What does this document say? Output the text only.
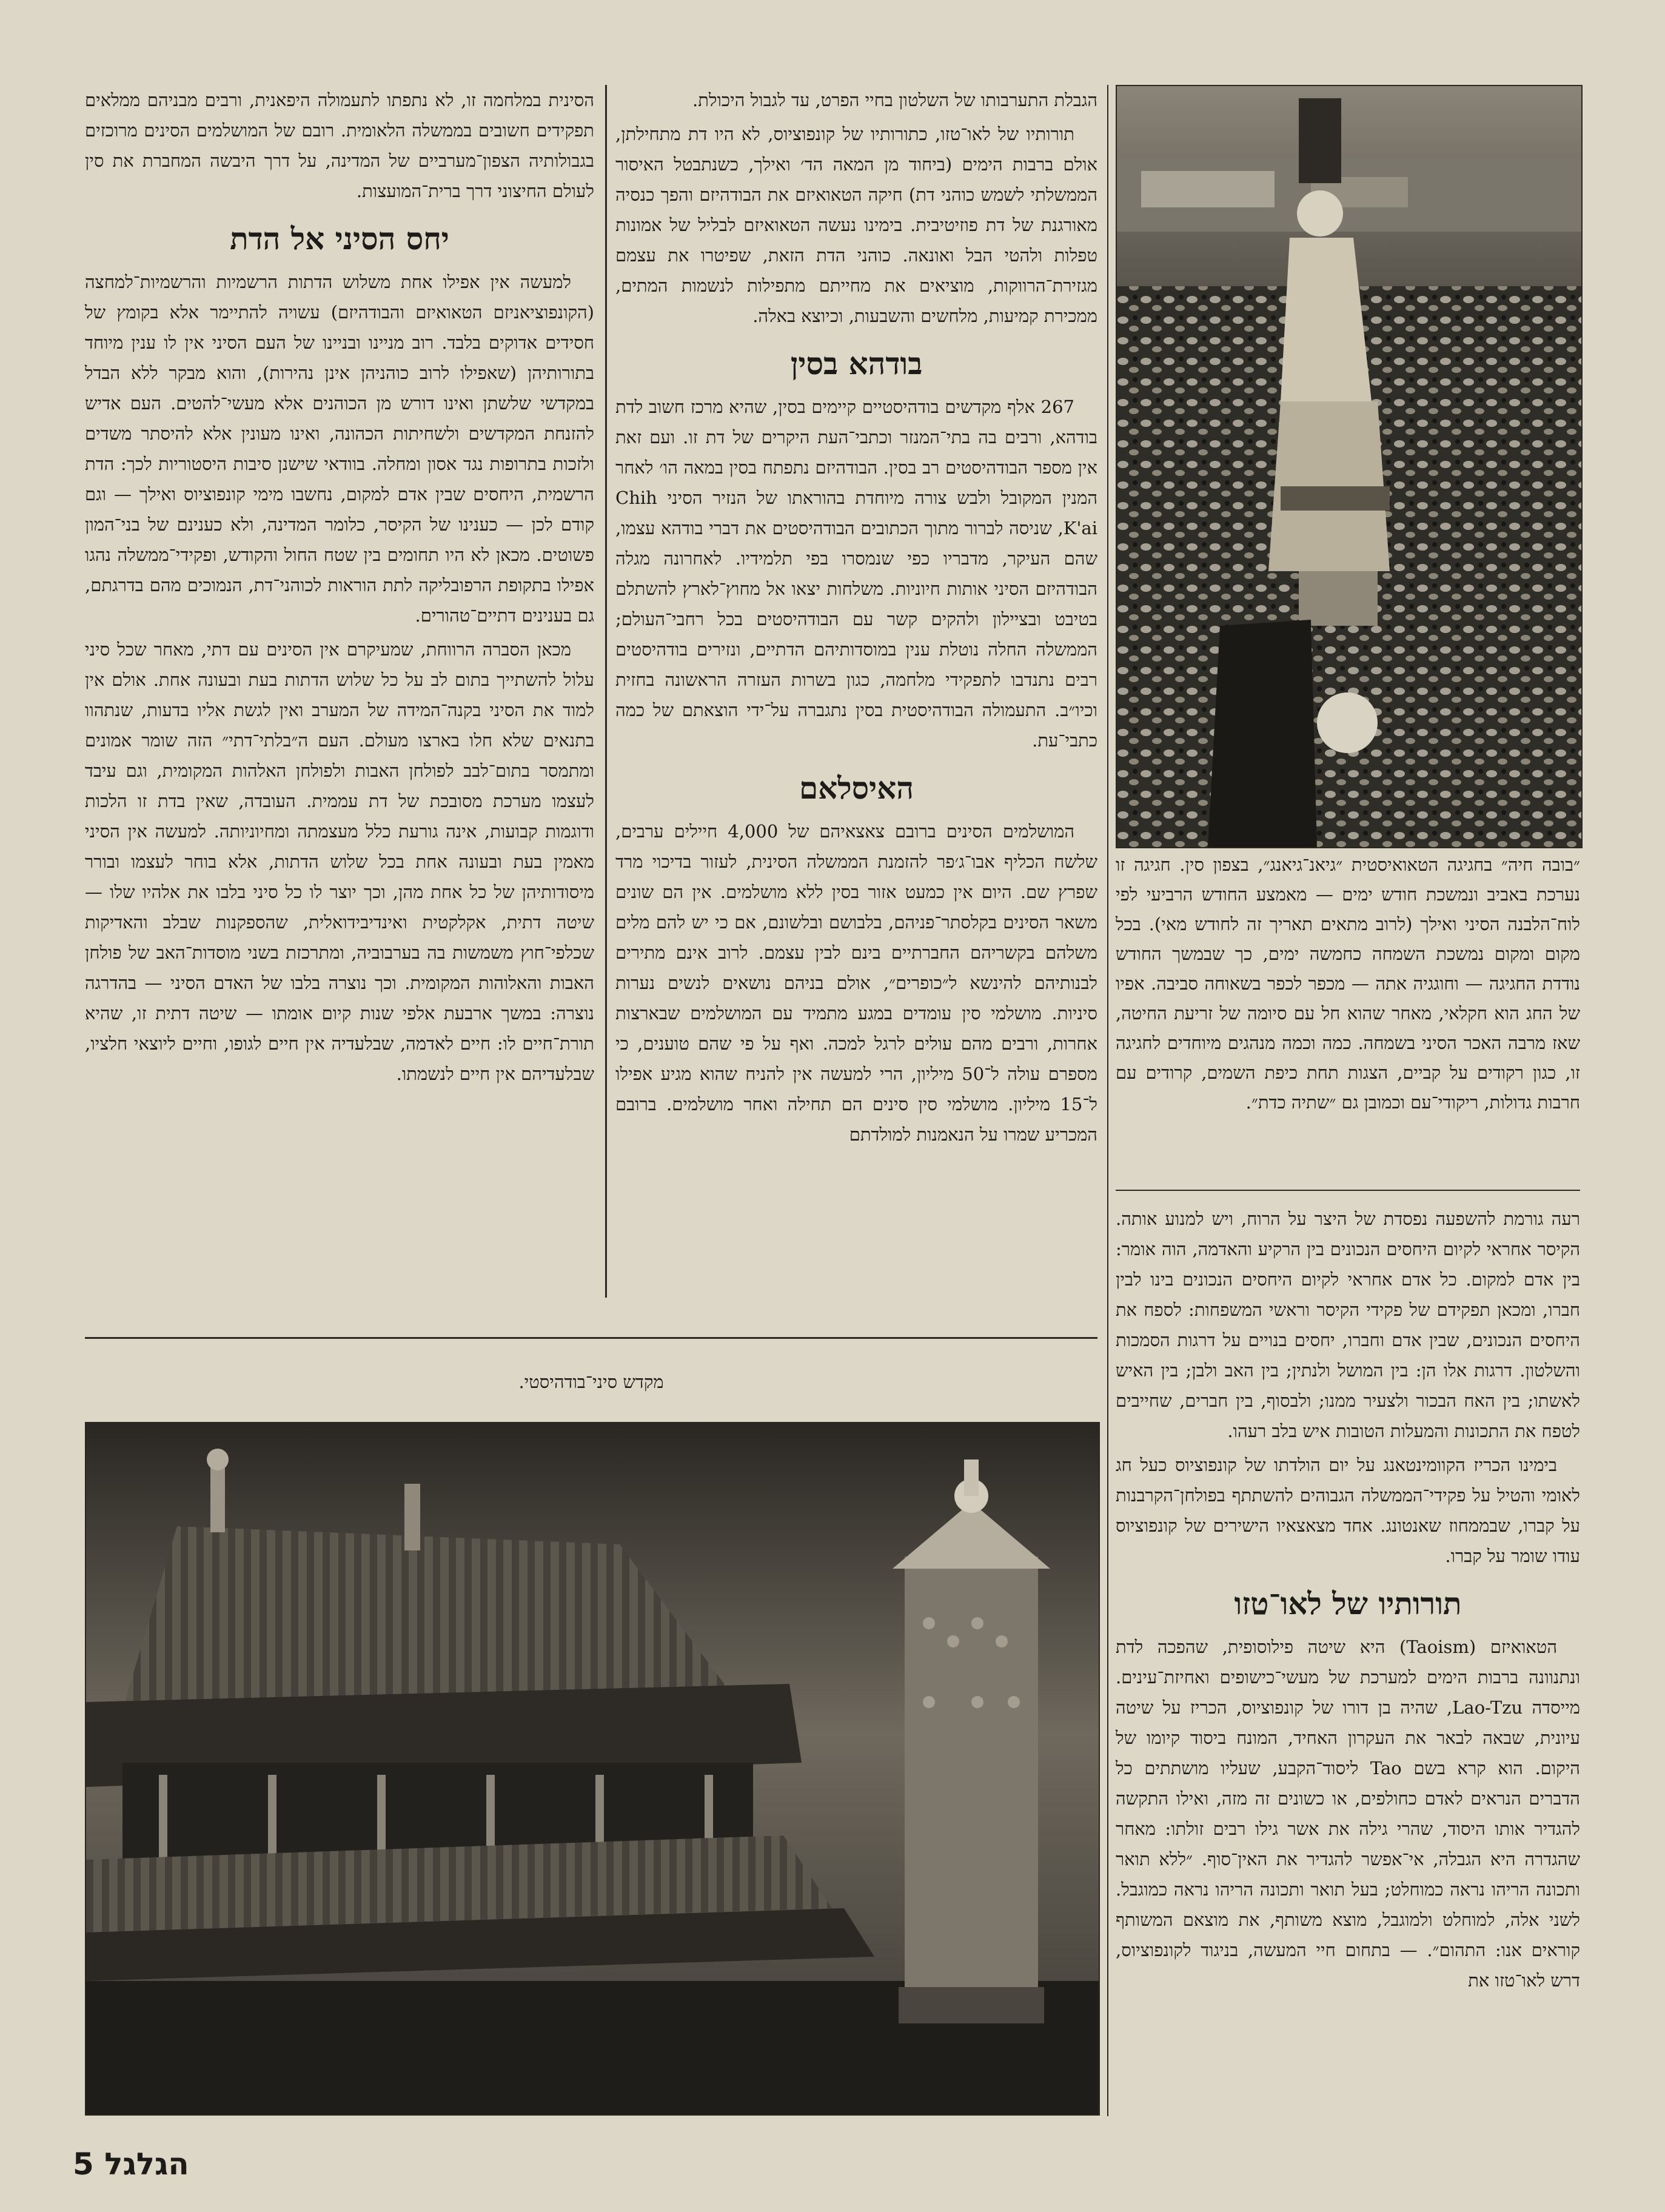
״בובה חיה״ בחגיגה הטאואיסטית ״גיאנ־גיאנג״, בצפון סין. חגיגה זו נערכת באביב ונמשכת חודש ימים — מאמצע החודש הרביעי לפי לוח־הלבנה הסיני ואילך (לרוב מתאים תאריך זה לחודש מאי). בכל מקום ומקום נמשכת השמחה כחמשה ימים, כך שבמשך החודש נודדת החגיגה — וחוגגיה אתה — מכפר לכפר בשאוחה סביבה. אפיו של החג הוא חקלאי, מאחר שהוא חל עם סיומה של זריעת החיטה, שאז מרבה האכר הסיני בשמחה. כמה וכמה מנהגים מיוחדים לחגיגה זו, כגון רקודים על קביים, הצגות תחת כיפת השמים, קרודים עם חרבות גדולות, ריקודי־עם וכמובן גם ״שתיה כדת״.

הגבלת התערבותו של השלטון בחיי הפרט, עד לגבול היכולת.

תורותיו של לאו־טזו, כתורותיו של קונפוציוס, לא היו דת מתחילתן, אולם ברבות הימים (ביחוד מן המאה הד׳ ואילך, כשנתבטל האיסור הממשלתי לשמש כוהני דת) חיקה הטאואיזם את הבודהיזם והפך כנסיה מאורגנת של דת פוזיטיבית. בימינו נעשה הטאואיזם לבליל של אמונות טפלות ולהטי הבל ואונאה. כוהני הדת הזאת, שפיטרו את עצמם מגזירת־הרווקות, מוציאים את מחייתם מתפילות לנשמות המתים, ממכירת קמיעות, מלחשים והשבעות, וכיוצא באלה.

בודהא בסין

267 אלף מקדשים בודהיסטיים קיימים בסין, שהיא מרכז חשוב לדת בודהא, ורבים בה בתי־המנזר וכתבי־העת היקרים של דת זו. ועם זאת אין מספר הבודהיסטים רב בסין. הבודהיזם נתפתח בסין במאה הו׳ לאחר המנין המקובל ולבש צורה מיוחדת בהוראתו של הנזיר הסיני Chih K'ai, שניסה לברור מתוך הכתובים הבודהיסטים את דברי בודהא עצמו, שהם העיקר, מדבריו כפי שנמסרו בפי תלמידיו. לאחרונה מגלה הבודהיזם הסיני אותות חיוניות. משלחות יצאו אל מחוץ־לארץ להשתלם בטיבט ובציילון ולהקים קשר עם הבודהיסטים בכל רחבי־העולם; הממשלה החלה נוטלת ענין במוסדותיהם הדתיים, ונזירים בודהיסטים רבים נתנדבו לתפקידי מלחמה, כגון בשרות העזרה הראשונה בחזית וכיו״ב. התעמולה הבודהיסטית בסין נתגברה על־ידי הוצאתם של כמה כתבי־עת.

האיסלאם

המושלמים הסינים ברובם צאצאיהם של 4,000 חיילים ערבים, שלשח הכליף אבו־ג׳פר להזמנת הממשלה הסינית, לעזור בדיכוי מרד שפרץ שם. היום אין כמעט אזור בסין ללא מושלמים. אין הם שונים משאר הסינים בקלסתר־פניהם, בלבושם ובלשונם, אם כי יש להם מלים משלהם בקשריהם החברתיים בינם לבין עצמם. לרוב אינם מתירים לבנותיהם להינשא ל״כופרים״, אולם בניהם נושאים לנשים נערות סיניות. מושלמי סין עומדים במגע מתמיד עם המושלמים שבארצות אחרות, ורבים מהם עולים לרגל למכה. ואף על פי שהם טוענים, כי מספרם עולה ל־50 מיליון, הרי למעשה אין להניח שהוא מגיע אפילו ל־15 מיליון. מושלמי סין סינים הם תחילה ואחר מושלמים. ברובם המכריע שמרו על הנאמנות למולדתם

הסינית במלחמה זו, לא נתפתו לתעמולה היפאנית, ורבים מבניהם ממלאים תפקידים חשובים בממשלה הלאומית. רובם של המושלמים הסינים מרוכזים בגבולותיה הצפון־מערביים של המדינה, על דרך היבשה המחברת את סין לעולם החיצוני דרך ברית־המועצות.

יחס הסיני אל הדת

למעשה אין אפילו אחת משלוש הדתות הרשמיות והרשמיות־למחצה (הקונפוציאניזם הטאואיזם והבודהיזם) עשויה להתיימר אלא בקומץ של חסידים אדוקים בלבד. רוב מניינו ובניינו של העם הסיני אין לו ענין מיוחד בתורותיהן (שאפילו לרוב כוהניהן אינן נהירות), והוא מבקר ללא הבדל במקדשי שלשתן ואינו דורש מן הכוהנים אלא מעשי־להטים. העם אדיש להזנחת המקדשים ולשחיתות הכהונה, ואינו מעונין אלא להיסתר משדים ולזכות בתרופות נגד אסון ומחלה. בוודאי שישנן סיבות היסטוריות לכך: הדת הרשמית, היחסים שבין אדם למקום, נחשבו מימי קונפוציוס ואילך — וגם קודם לכן — כענינו של הקיסר, כלומר המדינה, ולא כענינם של בני־המון פשוטים. מכאן לא היו תחומים בין שטח החול והקודש, ופקידי־ממשלה נהגו אפילו בתקופת הרפובליקה לתת הוראות לכוהני־דת, הנמוכים מהם בדרגתם, גם בענינים דתיים־טהורים.

מכאן הסברה הרווחת, שמעיקרם אין הסינים עם דתי, מאחר שכל סיני עלול להשתייך בתום לב על כל שלוש הדתות בעת ובעונה אחת. אולם אין למוד את הסיני בקנה־המידה של המערב ואין לגשת אליו בדעות, שנתהוו בתנאים שלא חלו בארצו מעולם. העם ה״בלתי־דתי״ הזה שומר אמונים ומתמסר בתום־לבב לפולחן האבות ולפולחן האלהות המקומית, וגם עיבד לעצמו מערכת מסובכת של דת עממית. העובדה, שאין בדת זו הלכות ודוגמות קבועות, אינה גורעת כלל מעצמתה ומחיוניותה. למעשה אין הסיני מאמין בעת ובעונה אחת בכל שלוש הדתות, אלא בוחר לעצמו ובורר מיסודותיהן של כל אחת מהן, וכך יוצר לו כל סיני בלבו את אלהיו שלו — שיטה דתית, אקלקטית ואינדיבידואלית, שהספקנות שבלב והאדיקות שכלפי־חוץ משמשות בה בערבוביה, ומתרכזת בשני מוסדות־האב של פולחן האבות והאלוהות המקומית. וכך נוצרה בלבו של האדם הסיני — בהדרגה נוצרה: במשך ארבעת אלפי שנות קיום אומתו — שיטה דתית זו, שהיא תורת־חיים לו: חיים לאדמה, שבלעדיה אין חיים לגופו, וחיים ליוצאי חלציו, שבלעדיהם אין חיים לנשמתו.

מקדש סיני־בודהיסטי.

רעה גורמת להשפעה נפסדת של היצר על הרוח, ויש למנוע אותה. הקיסר אחראי לקיום היחסים הנכונים בין הרקיע והאדמה, הוה אומר: בין אדם למקום. כל אדם אחראי לקיום היחסים הנכונים בינו לבין חברו, ומכאן תפקידם של פקידי הקיסר וראשי המשפחות: לספח את היחסים הנכונים, שבין אדם וחברו, יחסים בנויים על דרגות הסמכות והשלטון. דרגות אלו הן: בין המושל ולנתין; בין האב ולבן; בין האיש לאשתו; בין האח הבכור ולצעיר ממנו; ולבסוף, בין חברים, שחייבים לטפח את התכונות והמעלות הטובות איש בלב רעהו.

בימינו הכריז הקוומינטאנג על יום הולדתו של קונפוציוס כעל חג לאומי והטיל על פקידי־הממשלה הגבוהים להשתתף בפולחן־הקרבנות על קברו, שבממחוז שאנטונג. אחד מצאצאיו הישירים של קונפוציוס עודו שומר על קברו.

תורותיו של לאו־טזו

הטאואיזם (Taoism) היא שיטה פילוסופית, שהפכה לדת ונתנוונה ברבות הימים למערכת של מעשי־כישופים ואחיזת־עינים. מייסדה Lao-Tzu, שהיה בן דורו של קונפוציוס, הכריז על שיטה עיונית, שבאה לבאר את העקרון האחיד, המונח ביסוד קיומו של היקום. הוא קרא בשם Tao ליסוד־הקבע, שעליו מושתתים כל הדברים הנראים לאדם כחולפים, או כשונים זה מזה, ואילו התקשה להגדיר אותו היסוד, שהרי גילה את אשר גילו רבים זולתו: מאחר שהגדרה היא הגבלה, אי־אפשר להגדיר את האין־סוף. ״ללא תואר ותכונה הריהו נראה כמוחלט; בעל תואר ותכונה הריהו נראה כמוגבל. לשני אלה, למוחלט ולמוגבל, מוצא משותף, את מוצאם המשותף קוראים אנו: התהום״. — בתחום חיי המעשה, בניגוד לקונפוציוס, דרש לאו־טזו את

הגלגל 5
